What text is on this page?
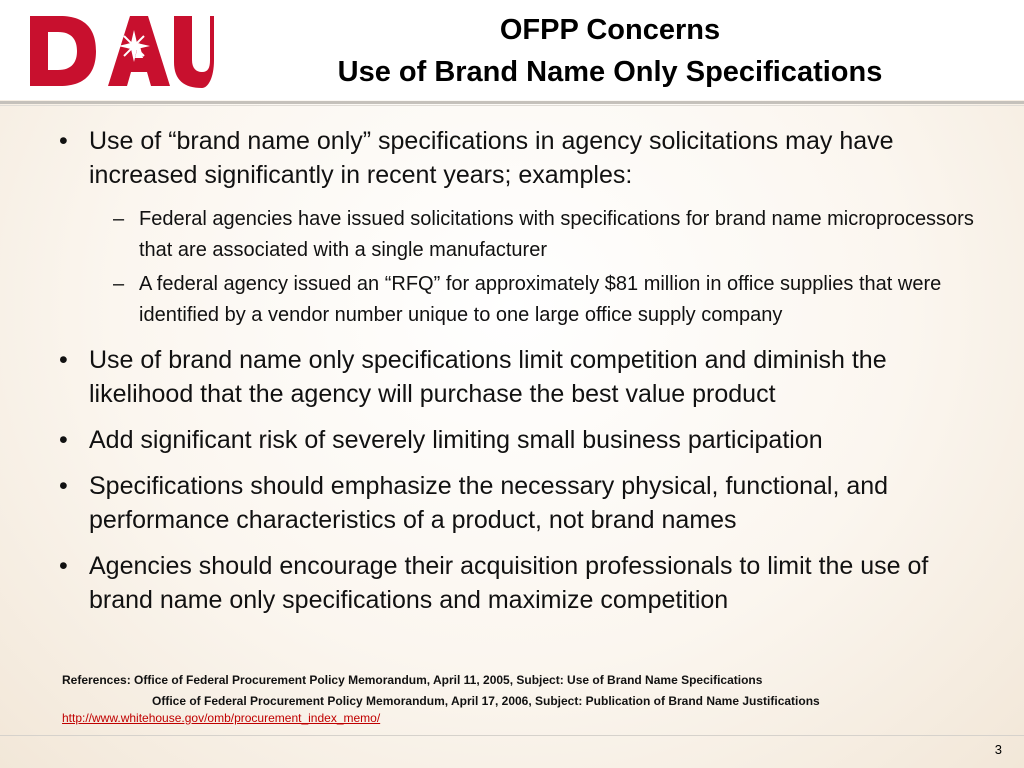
OFPP Concerns
Use of Brand Name Only Specifications
• Use of “brand name only” specifications in agency solicitations may have increased significantly in recent years; examples:
– Federal agencies have issued solicitations with specifications for brand name microprocessors that are associated with a single manufacturer
– A federal agency issued an “RFQ” for approximately $81 million in office supplies that were identified by a vendor number unique to one large office supply company
• Use of brand name only specifications limit competition and diminish the likelihood that the agency will purchase the best value product
• Add significant risk of severely limiting small business participation
• Specifications should emphasize the necessary physical, functional, and performance characteristics of a product, not brand names
• Agencies should encourage their acquisition professionals to limit the use of brand name only specifications and maximize competition
References: Office of Federal Procurement Policy Memorandum, April 11, 2005, Subject: Use of Brand Name Specifications
Office of Federal Procurement Policy Memorandum, April 17, 2006, Subject: Publication of Brand Name Justifications
http://www.whitehouse.gov/omb/procurement_index_memo/
3
